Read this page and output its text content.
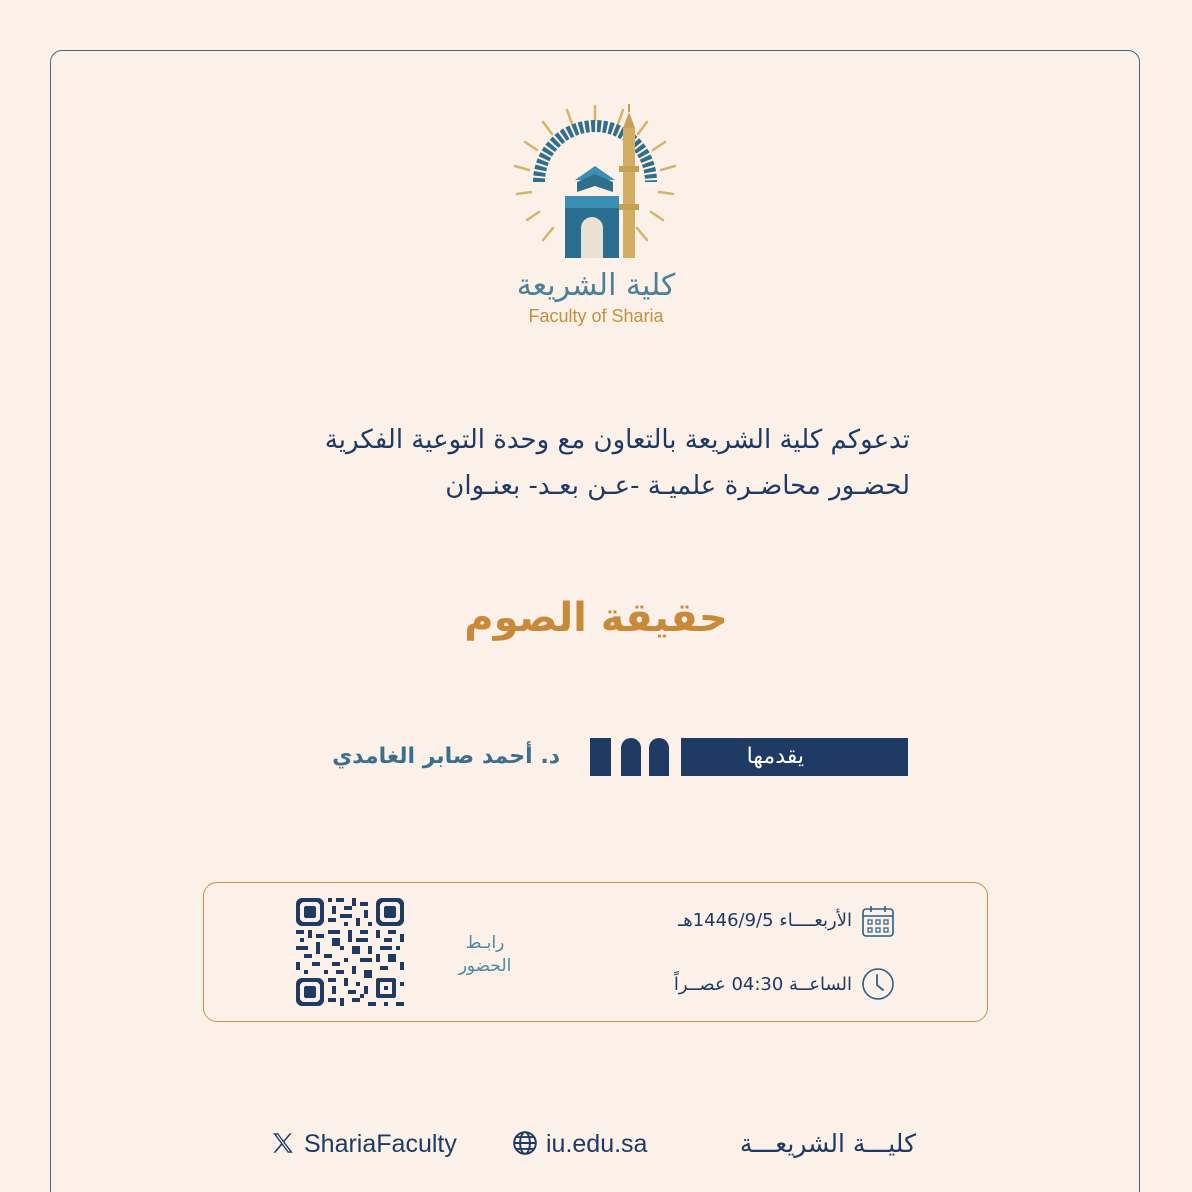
كلية الشريعة
Faculty of Sharia
تدعوكم كلية الشريعة بالتعاون مع وحدة التوعية الفكرية
لحضـور محاضـرة علميـة -عـن بعـد- بعنـوان
حقيقة الصوم
يقدمها
د. أحمد صابر الغامدي
الأربعــــاء 1446/9/5هـ
الساعــة 04:30 عصــراً
رابـط
الحضور
ShariaFaculty	iu.edu.sa	كليـــة الشريعـــة
